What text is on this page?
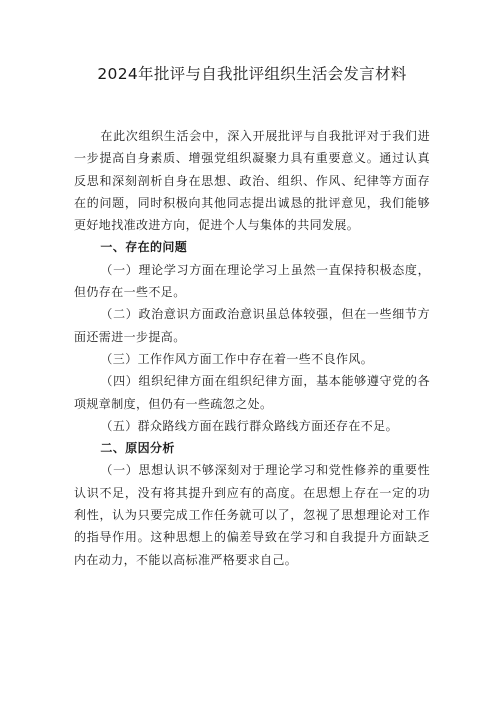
2024年批评与自我批评组织生活会发言材料

在此次组织生活会中，深入开展批评与自我批评对于我们进一步提高自身素质、增强党组织凝聚力具有重要意义。通过认真反思和深刻剖析自身在思想、政治、组织、作风、纪律等方面存在的问题，同时积极向其他同志提出诚恳的批评意见，我们能够更好地找准改进方向，促进个人与集体的共同发展。

一、存在的问题

（一）理论学习方面在理论学习上虽然一直保持积极态度，但仍存在一些不足。

（二）政治意识方面政治意识虽总体较强，但在一些细节方面还需进一步提高。

（三）工作作风方面工作中存在着一些不良作风。

（四）组织纪律方面在组织纪律方面，基本能够遵守党的各项规章制度，但仍有一些疏忽之处。

（五）群众路线方面在践行群众路线方面还存在不足。

二、原因分析

（一）思想认识不够深刻对于理论学习和党性修养的重要性认识不足，没有将其提升到应有的高度。在思想上存在一定的功利性，认为只要完成工作任务就可以了，忽视了思想理论对工作的指导作用。这种思想上的偏差导致在学习和自我提升方面缺乏内在动力，不能以高标准严格要求自己。
